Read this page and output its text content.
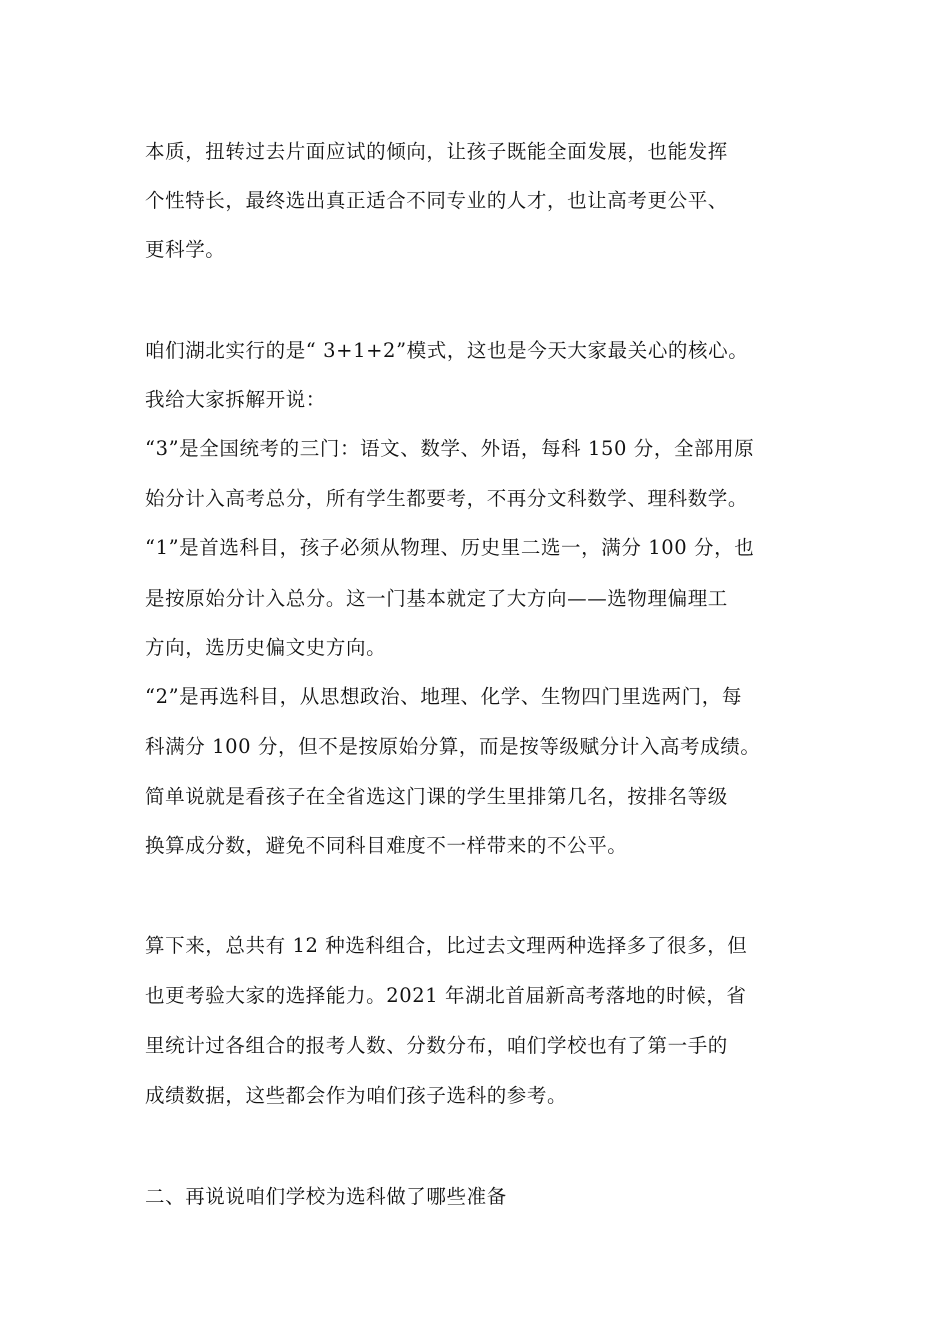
本质，扭转过去片面应试的倾向，让孩子既能全面发展，也能发挥
个性特长，最终选出真正适合不同专业的人才，也让高考更公平、
更科学。
咱们湖北实行的是“ 3+1+2”模式，这也是今天大家最关心的核心。
我给大家拆解开说：
“3”是全国统考的三门：语文、数学、外语，每科 150 分，全部用原
始分计入高考总分，所有学生都要考，不再分文科数学、理科数学。
“1”是首选科目，孩子必须从物理、历史里二选一，满分 100 分，也
是按原始分计入总分。这一门基本就定了大方向——选物理偏理工
方向，选历史偏文史方向。
“2”是再选科目，从思想政治、地理、化学、生物四门里选两门，每
科满分 100 分，但不是按原始分算，而是按等级赋分计入高考成绩。
简单说就是看孩子在全省选这门课的学生里排第几名，按排名等级
换算成分数，避免不同科目难度不一样带来的不公平。
算下来，总共有 12 种选科组合，比过去文理两种选择多了很多，但
也更考验大家的选择能力。2021 年湖北首届新高考落地的时候，省
里统计过各组合的报考人数、分数分布，咱们学校也有了第一手的
成绩数据，这些都会作为咱们孩子选科的参考。
二、再说说咱们学校为选科做了哪些准备
